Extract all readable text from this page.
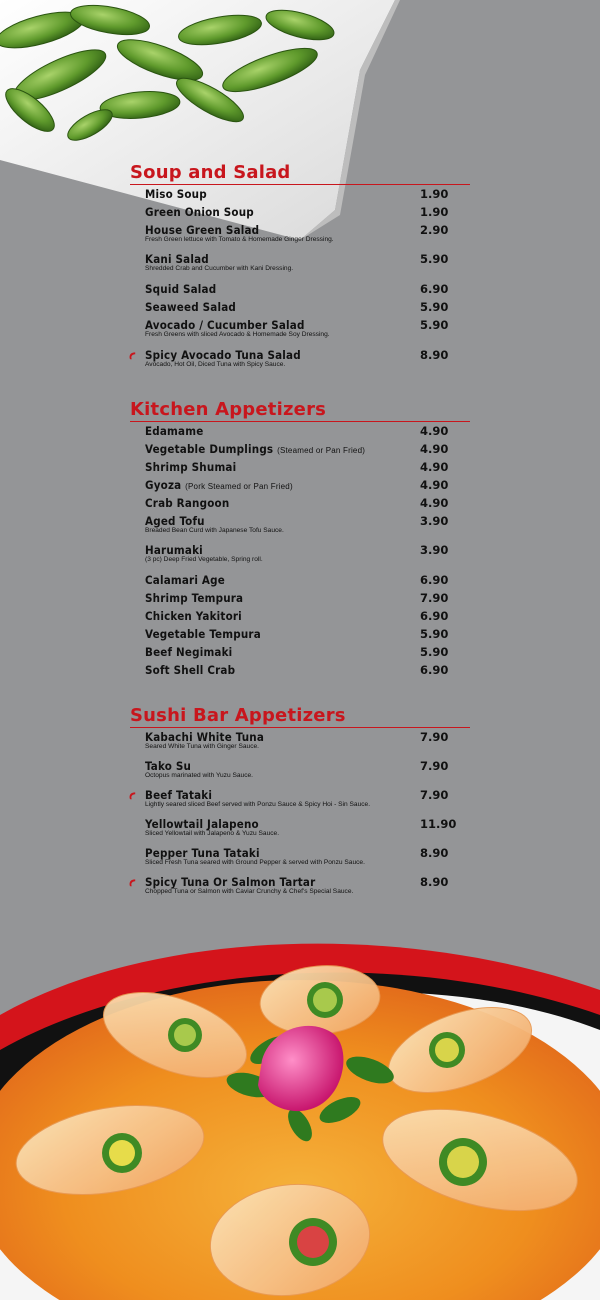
Soup and Salad
Miso Soup	1.90
Green Onion Soup	1.90
House Green Salad	2.90
Fresh Green lettuce with Tomato & Homemade Ginger Dressing.
Kani Salad	5.90
Shredded Crab and Cucumber with Kani Dressing.
Squid Salad	6.90
Seaweed Salad	5.90
Avocado / Cucumber Salad	5.90
Fresh Greens with sliced Avocado & Homemade Soy Dressing.
Spicy Avocado Tuna Salad	8.90
Avocado, Hot Oil, Diced Tuna with Spicy Sauce.
Kitchen Appetizers
Edamame	4.90
Vegetable Dumplings (Steamed or Pan Fried)	4.90
Shrimp Shumai	4.90
Gyoza (Pork Steamed or Pan Fried)	4.90
Crab Rangoon	4.90
Aged Tofu	3.90
Breaded Bean Curd with Japanese Tofu Sauce.
Harumaki	3.90
(3 pc) Deep Fried Vegetable, Spring roll.
Calamari Age	6.90
Shrimp Tempura	7.90
Chicken Yakitori	6.90
Vegetable Tempura	5.90
Beef Negimaki	5.90
Soft Shell Crab	6.90
Sushi Bar Appetizers
Kabachi White Tuna	7.90
Seared White Tuna with Ginger Sauce.
Tako Su	7.90
Octopus marinated with Yuzu Sauce.
Beef Tataki	7.90
Lightly seared sliced Beef served with Ponzu Sauce & Spicy Hoi - Sin Sauce.
Yellowtail Jalapeno	11.90
Sliced Yellowtail with Jalapeno & Yuzu Sauce.
Pepper Tuna Tataki	8.90
Sliced Fresh Tuna seared with Ground Pepper & served with Ponzu Sauce.
Spicy Tuna Or Salmon Tartar	8.90
Chopped Tuna or Salmon with Caviar Crunchy & Chef's Special Sauce.
